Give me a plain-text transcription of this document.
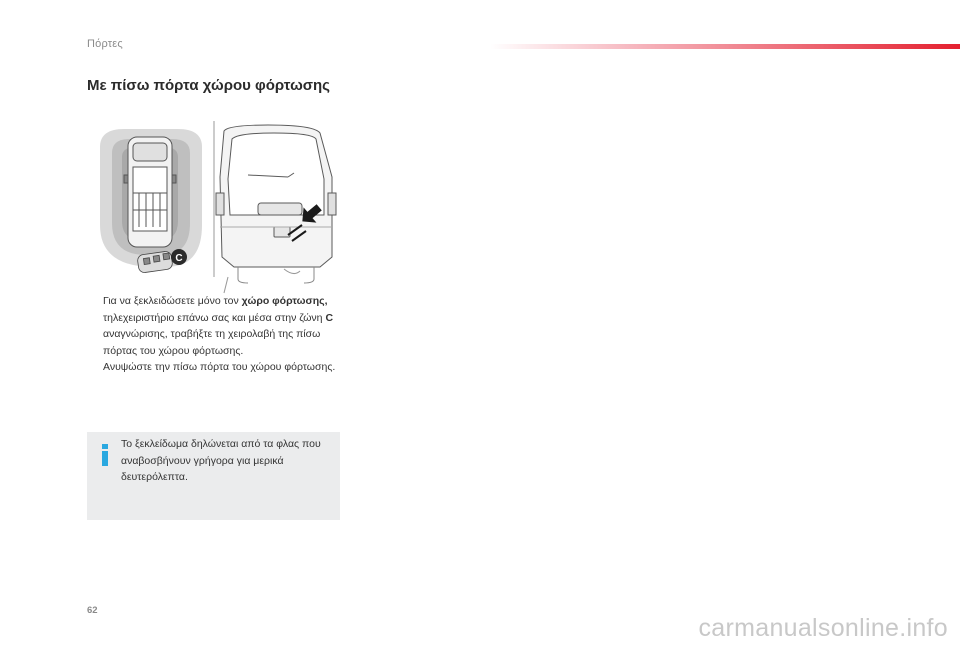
Πόρτες
Με πίσω πόρτα χώρου φόρτωσης
C
Για να ξεκλειδώσετε μόνο τον χώρο φόρτωσης, τηλεχειριστήριο επάνω σας και μέσα στην ζώνη C αναγνώρισης, τραβήξτε τη χειρολαβή της πίσω πόρτας του χώρου φόρτωσης.
Ανυψώστε την πίσω πόρτα του χώρου φόρτωσης.
Το ξεκλείδωμα δηλώνεται από τα φλας που αναβοσβήνουν γρήγορα για μερικά δευτερόλεπτα.
62
carmanualsonline.info
